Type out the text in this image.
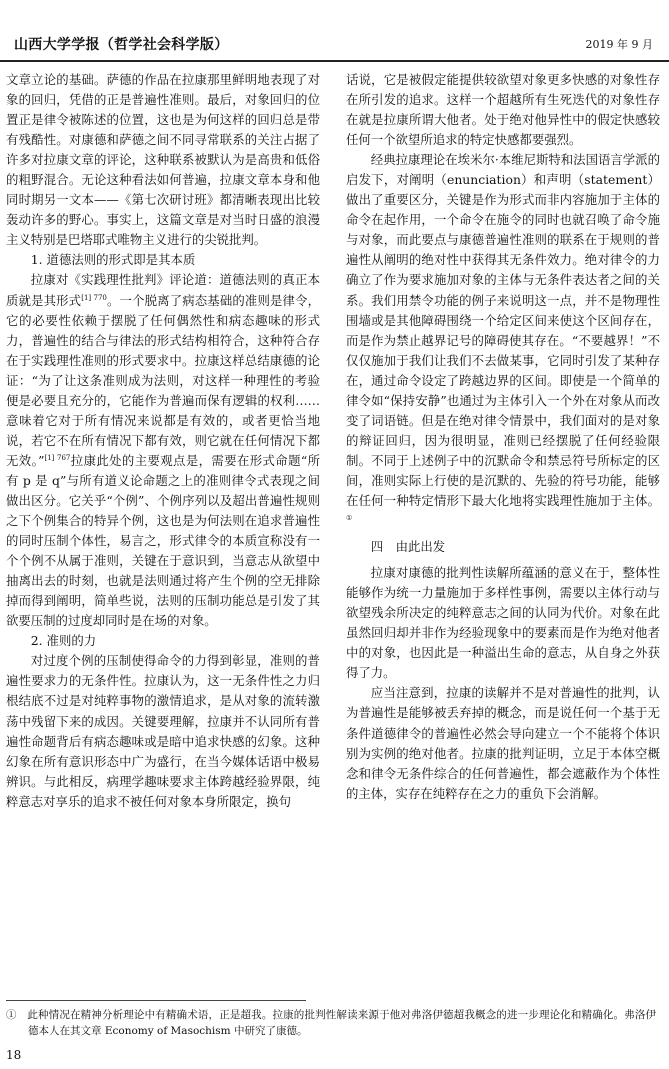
山西大学学报（哲学社会科学版）	2019 年 9 月

文章立论的基础。萨德的作品在拉康那里鲜明地表现了对象的回归，凭借的正是普遍性准则。最后，对象回归的位置正是律令被陈述的位置，这也是为何这样的回归总是带有残酷性。对康德和萨德之间不同寻常联系的关注占据了许多对拉康文章的评论，这种联系被默认为是高贵和低俗的粗野混合。无论这种看法如何普遍，拉康文章本身和他同时期另一文本——《第七次研讨班》都清晰表现出比较轰动许多的野心。事实上，这篇文章是对当时日盛的浪漫主义特别是巴塔耶式唯物主义进行的尖锐批判。

1. 道德法则的形式即是其本质

拉康对《实践理性批判》评论道：道德法则的真正本质就是其形式$^{[1] 770}$。一个脱离了病态基础的准则是律令，它的必要性依赖于摆脱了任何偶然性和病态趣味的形式力，普遍性的结合与律法的形式结构相符合，这种符合存在于实践理性准则的形式要求中。拉康这样总结康德的论证：“为了让这条准则成为法则，对这样一种理性的考验便是必要且充分的，它能作为普遍而保有逻辑的权利……意味着它对于所有情况来说都是有效的，或者更恰当地说，若它不在所有情况下都有效，则它就在任何情况下都无效。”$^{[1] 767}$拉康此处的主要观点是，需要在形式命题“所有 p 是 q”与所有道义论命题之上的准则律令式表现之间做出区分。它关乎“个例”、个例序列以及超出普遍性规则之下个例集合的特异个例，这也是为何法则在追求普遍性的同时压制个体性，易言之，形式律令的本质宣称没有一个个例不从属于准则，关键在于意识到，当意志从欲望中抽离出去的时刻，也就是法则通过将产生个例的空无排除掉而得到阐明，简单些说，法则的压制功能总是引发了其欲要压制的过度却同时是在场的对象。

2. 准则的力

对过度个例的压制使得命令的力得到彰显，准则的普遍性要求力的无条件性。拉康认为，这一无条件性之力归根结底不过是对纯粹事物的激情追求，是从对象的流转激荡中残留下来的成因。关键要理解，拉康并不认同所有普遍性命题背后有病态趣味或是暗中追求快感的幻象。这种幻象在所有意识形态中广为盛行，在当今媒体话语中极易辨识。与此相反，病理学趣味要求主体跨越经验界限，纯粹意志对享乐的追求不被任何对象本身所限定，换句

话说，它是被假定能提供较欲望对象更多快感的对象性存在所引发的追求。这样一个超越所有生死迭代的对象性存在就是拉康所谓大他者。处于绝对他异性中的假定快感较任何一个欲望所追求的特定快感都要强烈。

经典拉康理论在埃米尔·本维尼斯特和法国语言学派的启发下，对阐明（enunciation）和声明（statement）做出了重要区分，关键是作为形式而非内容施加于主体的命令在起作用，一个命令在施令的同时也就召唤了命令施与对象，而此要点与康德普遍性准则的联系在于规则的普遍性从阐明的绝对性中获得其无条件效力。绝对律令的力确立了作为要求施加对象的主体与无条件表达者之间的关系。我们用禁令功能的例子来说明这一点，并不是物理性围墙或是其他障碍围绕一个给定区间来使这个区间存在，而是作为禁止越界记号的障碍使其存在。“不要越界！”不仅仅施加于我们让我们不去做某事，它同时引发了某种存在，通过命令设定了跨越边界的区间。即使是一个简单的律令如“保持安静”也通过为主体引入一个外在对象从而改变了词语链。但是在绝对律令情景中，我们面对的是对象的辩证回归，因为很明显，准则已经摆脱了任何经验限制。不同于上述例子中的沉默命令和禁忌符号所标定的区间，准则实际上行使的是沉默的、先验的符号功能，能够在任何一种特定情形下最大化地将实践理性施加于主体。①

四　由此出发

拉康对康德的批判性读解所蕴涵的意义在于，整体性能够作为统一力量施加于多样性事例，需要以主体行动与欲望残余所决定的纯粹意志之间的认同为代价。对象在此虽然回归却并非作为经验现象中的要素而是作为绝对他者中的对象，也因此是一种溢出生命的意志，从自身之外获得了力。

应当注意到，拉康的读解并不是对普遍性的批判，认为普遍性是能够被丢弃掉的概念，而是说任何一个基于无条件道德律令的普遍性必然会导向建立一个不能将个体识别为实例的绝对他者。拉康的批判证明，立足于本体空概念和律令无条件综合的任何普遍性，都会遮蔽作为个体性的主体，实存在纯粹存在之力的重负下会消解。

①　 此种情况在精神分析理论中有精确术语，正是超我。拉康的批判性解读来源于他对弗洛伊德超我概念的进一步理论化和精确化。弗洛伊德本人在其文章 Economy of Masochism 中研究了康德。

18
